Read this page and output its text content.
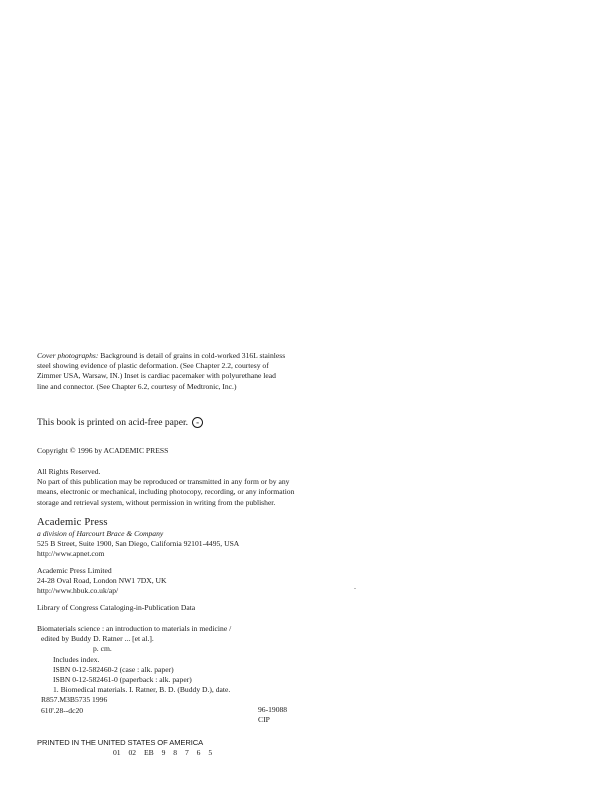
Cover photographs: Background is detail of grains in cold-worked 316L stainless
steel showing evidence of plastic deformation. (See Chapter 2.2, courtesy of
Zimmer USA, Warsaw, IN.) Inset is cardiac pacemaker with polyurethane lead
line and connector. (See Chapter 6.2, courtesy of Medtronic, Inc.)
This book is printed on acid-free paper. ∞
Copyright © 1996 by ACADEMIC PRESS
All Rights Reserved.
No part of this publication may be reproduced or transmitted in any form or by any
means, electronic or mechanical, including photocopy, recording, or any information
storage and retrieval system, without permission in writing from the publisher.
Academic Press
a division of Harcourt Brace & Company
525 B Street, Suite 1900, San Diego, California 92101-4495, USA
http://www.apnet.com
Academic Press Limited
24-28 Oval Road, London NW1 7DX, UK
http://www.hbuk.co.uk/ap/
Library of Congress Cataloging-in-Publication Data
Biomaterials science : an introduction to materials in medicine /
edited by Buddy D. Ratner ... [et al.].
p. cm.
Includes index.
ISBN 0-12-582460-2 (case : alk. paper)
ISBN 0-12-582461-0 (paperback : alk. paper)
1. Biomedical materials. I. Ratner, B. D. (Buddy D.), date.
R857.M3B5735 1996
610'.28--dc20	96-19088
CIP
PRINTED IN THE UNITED STATES OF AMERICA
01 02 EB 9 8 7 6 5
